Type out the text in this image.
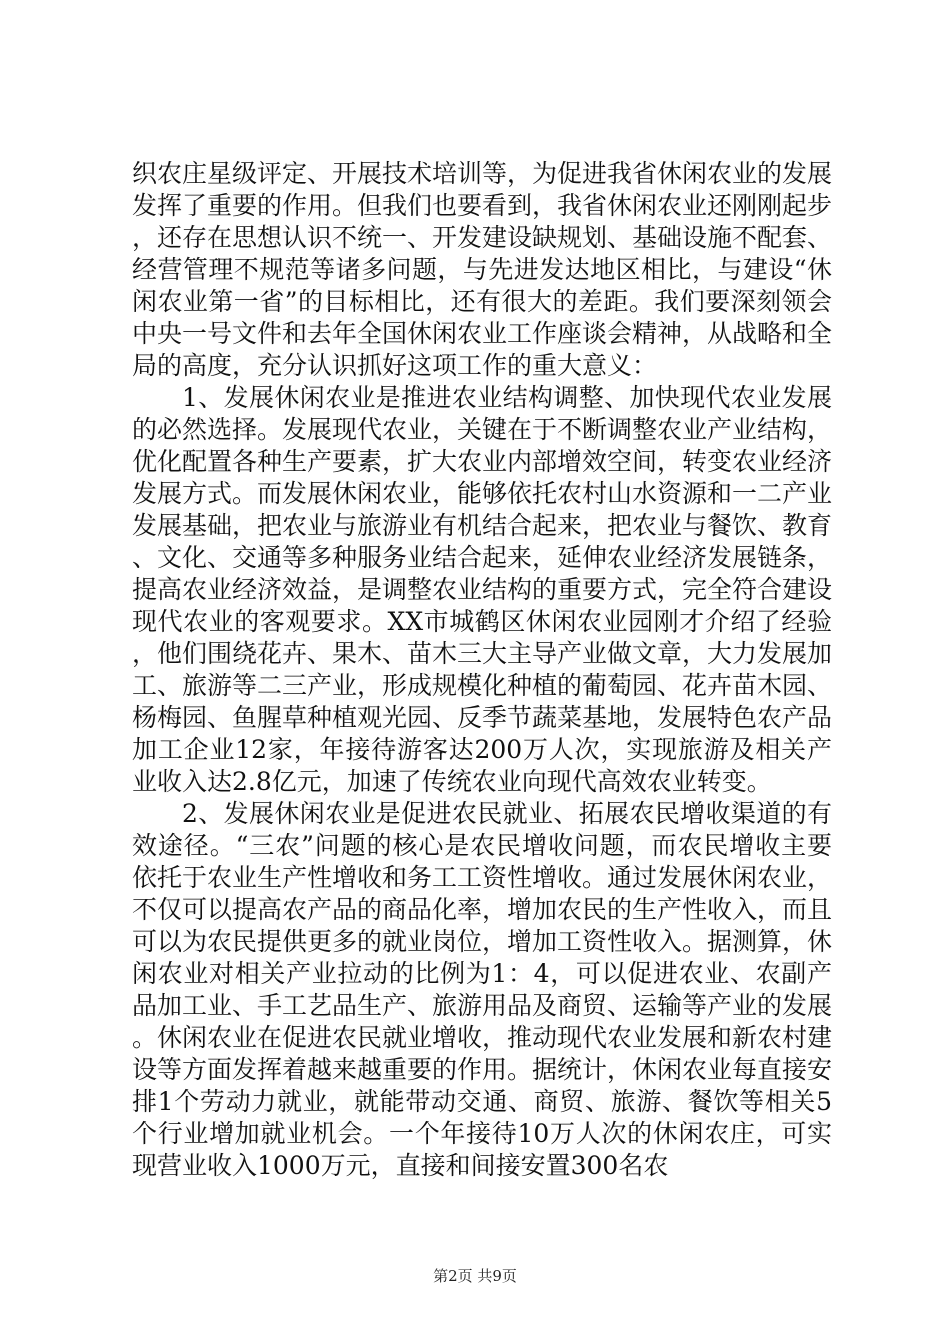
织农庄星级评定、开展技术培训等，为促进我省休闲农业的发展发挥了重要的作用。但我们也要看到，我省休闲农业还刚刚起步，还存在思想认识不统一、开发建设缺规划、基础设施不配套、经营管理不规范等诸多问题，与先进发达地区相比，与建设“休闲农业第一省”的目标相比，还有很大的差距。我们要深刻领会中央一号文件和去年全国休闲农业工作座谈会精神，从战略和全局的高度，充分认识抓好这项工作的重大意义：

1、发展休闲农业是推进农业结构调整、加快现代农业发展的必然选择。发展现代农业，关键在于不断调整农业产业结构，优化配置各种生产要素，扩大农业内部增效空间，转变农业经济发展方式。而发展休闲农业，能够依托农村山水资源和一二产业发展基础，把农业与旅游业有机结合起来，把农业与餐饮、教育、文化、交通等多种服务业结合起来，延伸农业经济发展链条，提高农业经济效益，是调整农业结构的重要方式，完全符合建设现代农业的客观要求。XX市城鹤区休闲农业园刚才介绍了经验，他们围绕花卉、果木、苗木三大主导产业做文章，大力发展加工、旅游等二三产业，形成规模化种植的葡萄园、花卉苗木园、杨梅园、鱼腥草种植观光园、反季节蔬菜基地，发展特色农产品加工企业12家，年接待游客达200万人次，实现旅游及相关产业收入达2.8亿元，加速了传统农业向现代高效农业转变。

2、发展休闲农业是促进农民就业、拓展农民增收渠道的有效途径。“三农”问题的核心是农民增收问题，而农民增收主要依托于农业生产性增收和务工工资性增收。通过发展休闲农业，不仅可以提高农产品的商品化率，增加农民的生产性收入，而且可以为农民提供更多的就业岗位，增加工资性收入。据测算，休闲农业对相关产业拉动的比例为1：4，可以促进农业、农副产品加工业、手工艺品生产、旅游用品及商贸、运输等产业的发展。休闲农业在促进农民就业增收，推动现代农业发展和新农村建设等方面发挥着越来越重要的作用。据统计，休闲农业每直接安排1个劳动力就业，就能带动交通、商贸、旅游、餐饮等相关5个行业增加就业机会。一个年接待10万人次的休闲农庄，可实现营业收入1000万元，直接和间接安置300名农

第2页 共9页
